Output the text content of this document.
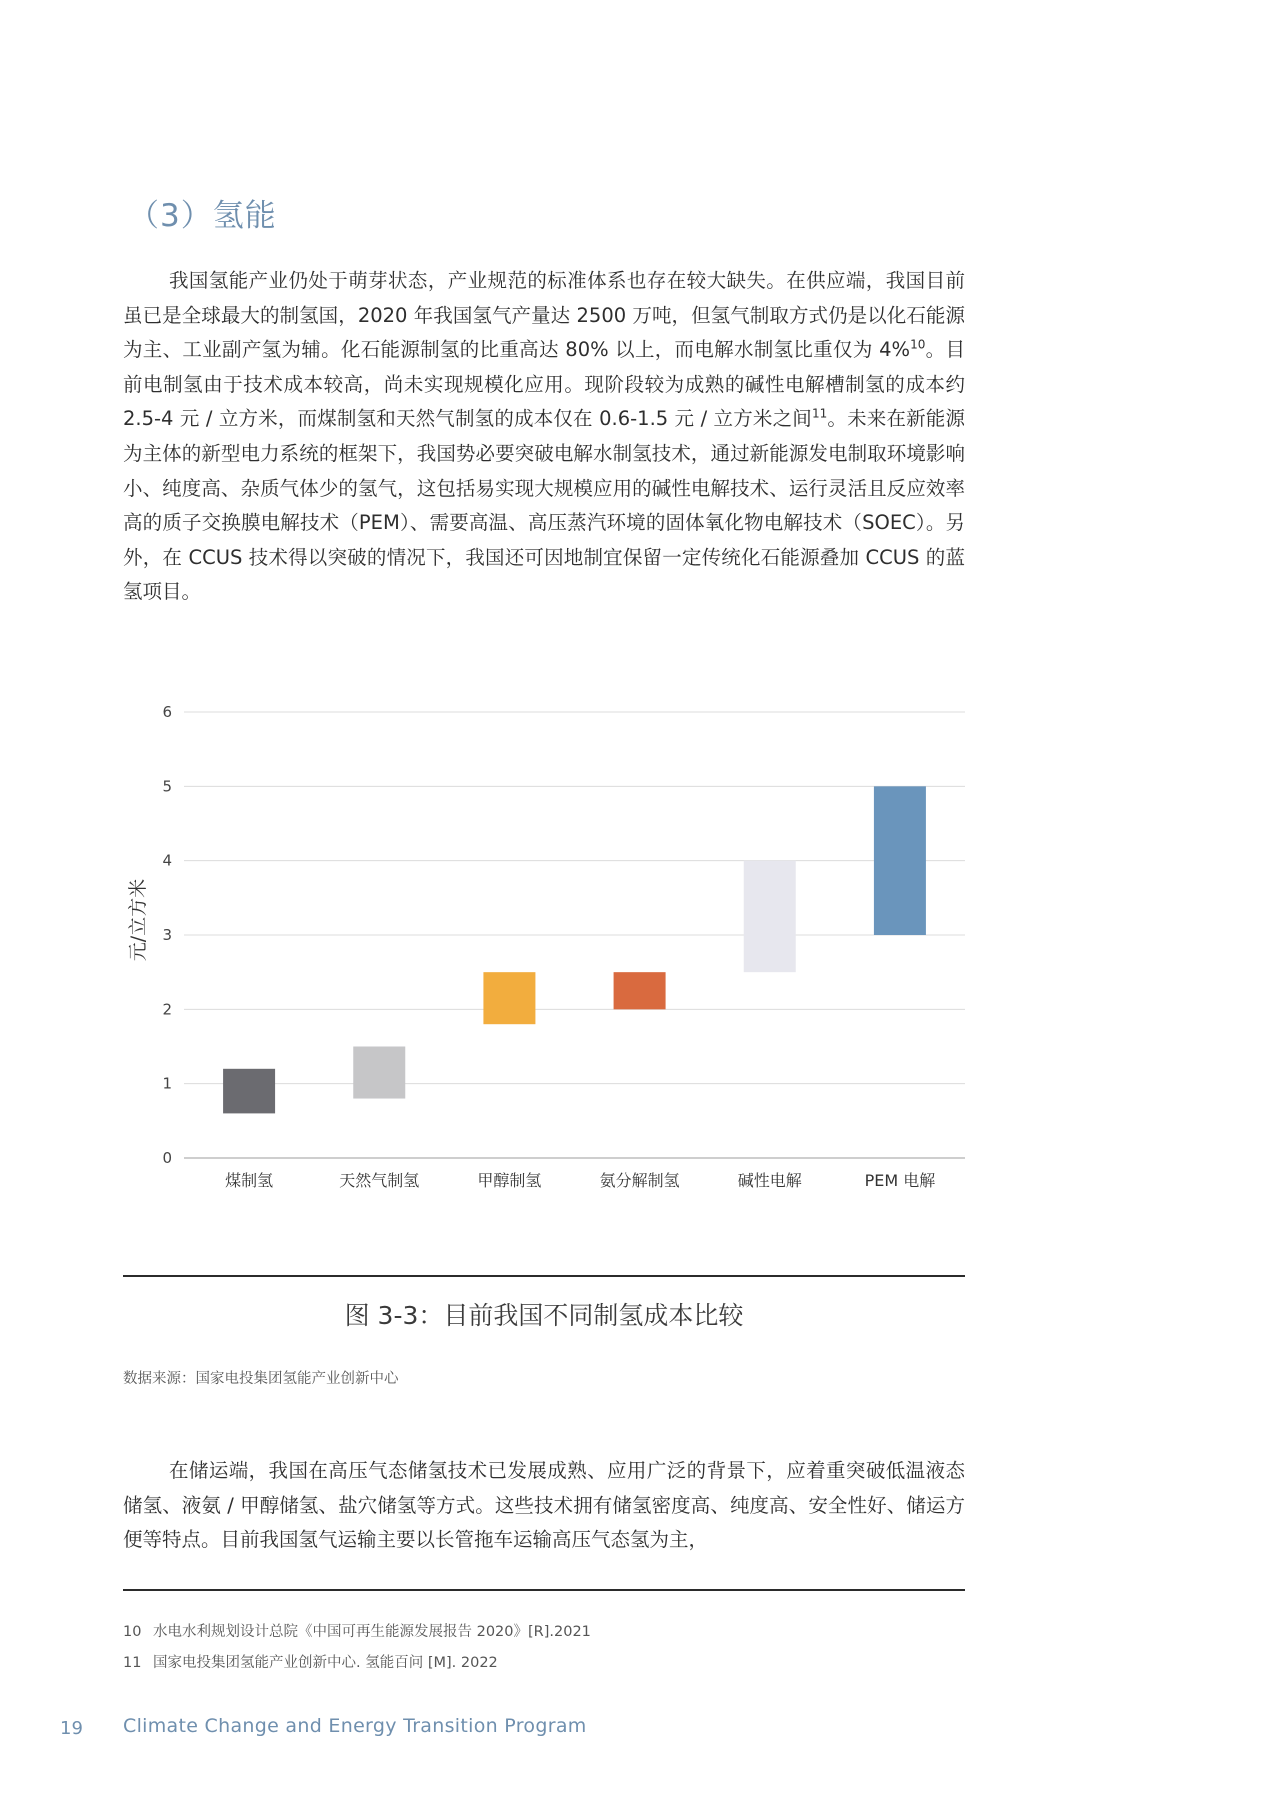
（3）氢能

我国氢能产业仍处于萌芽状态，产业规范的标准体系也存在较大缺失。在供应端，我国目前虽已是全球最大的制氢国，2020 年我国氢气产量达 2500 万吨，但氢气制取方式仍是以化石能源为主、工业副产氢为辅。化石能源制氢的比重高达 80% 以上，而电解水制氢比重仅为 4%$^{10}$。目前电制氢由于技术成本较高，尚未实现规模化应用。现阶段较为成熟的碱性电解槽制氢的成本约 2.5-4 元 / 立方米，而煤制氢和天然气制氢的成本仅在 0.6-1.5 元 / 立方米之间$^{11}$。未来在新能源为主体的新型电力系统的框架下，我国势必要突破电解水制氢技术，通过新能源发电制取环境影响小、纯度高、杂质气体少的氢气，这包括易实现大规模应用的碱性电解技术、运行灵活且反应效率高的质子交换膜电解技术（PEM）、需要高温、高压蒸汽环境的固体氧化物电解技术（SOEC）。另外，在 CCUS 技术得以突破的情况下，我国还可因地制宜保留一定传统化石能源叠加 CCUS 的蓝氢项目。

0
1
2
3
4
5
6
煤制氢	天然气制氢	甲醇制氢	氨分解制氢	碱性电解	PEM 电解
元/立方米
图 3-3：目前我国不同制氢成本比较
数据来源：国家电投集团氢能产业创新中心

在储运端，我国在高压气态储氢技术已发展成熟、应用广泛的背景下，应着重突破低温液态储氢、液氨 / 甲醇储氢、盐穴储氢等方式。这些技术拥有储氢密度高、纯度高、安全性好、储运方便等特点。目前我国氢气运输主要以长管拖车运输高压气态氢为主，

10 水电水利规划设计总院《中国可再生能源发展报告 2020》[R].2021
11 国家电投集团氢能产业创新中心. 氢能百问 [M]. 2022
19 Climate Change and Energy Transition Program
